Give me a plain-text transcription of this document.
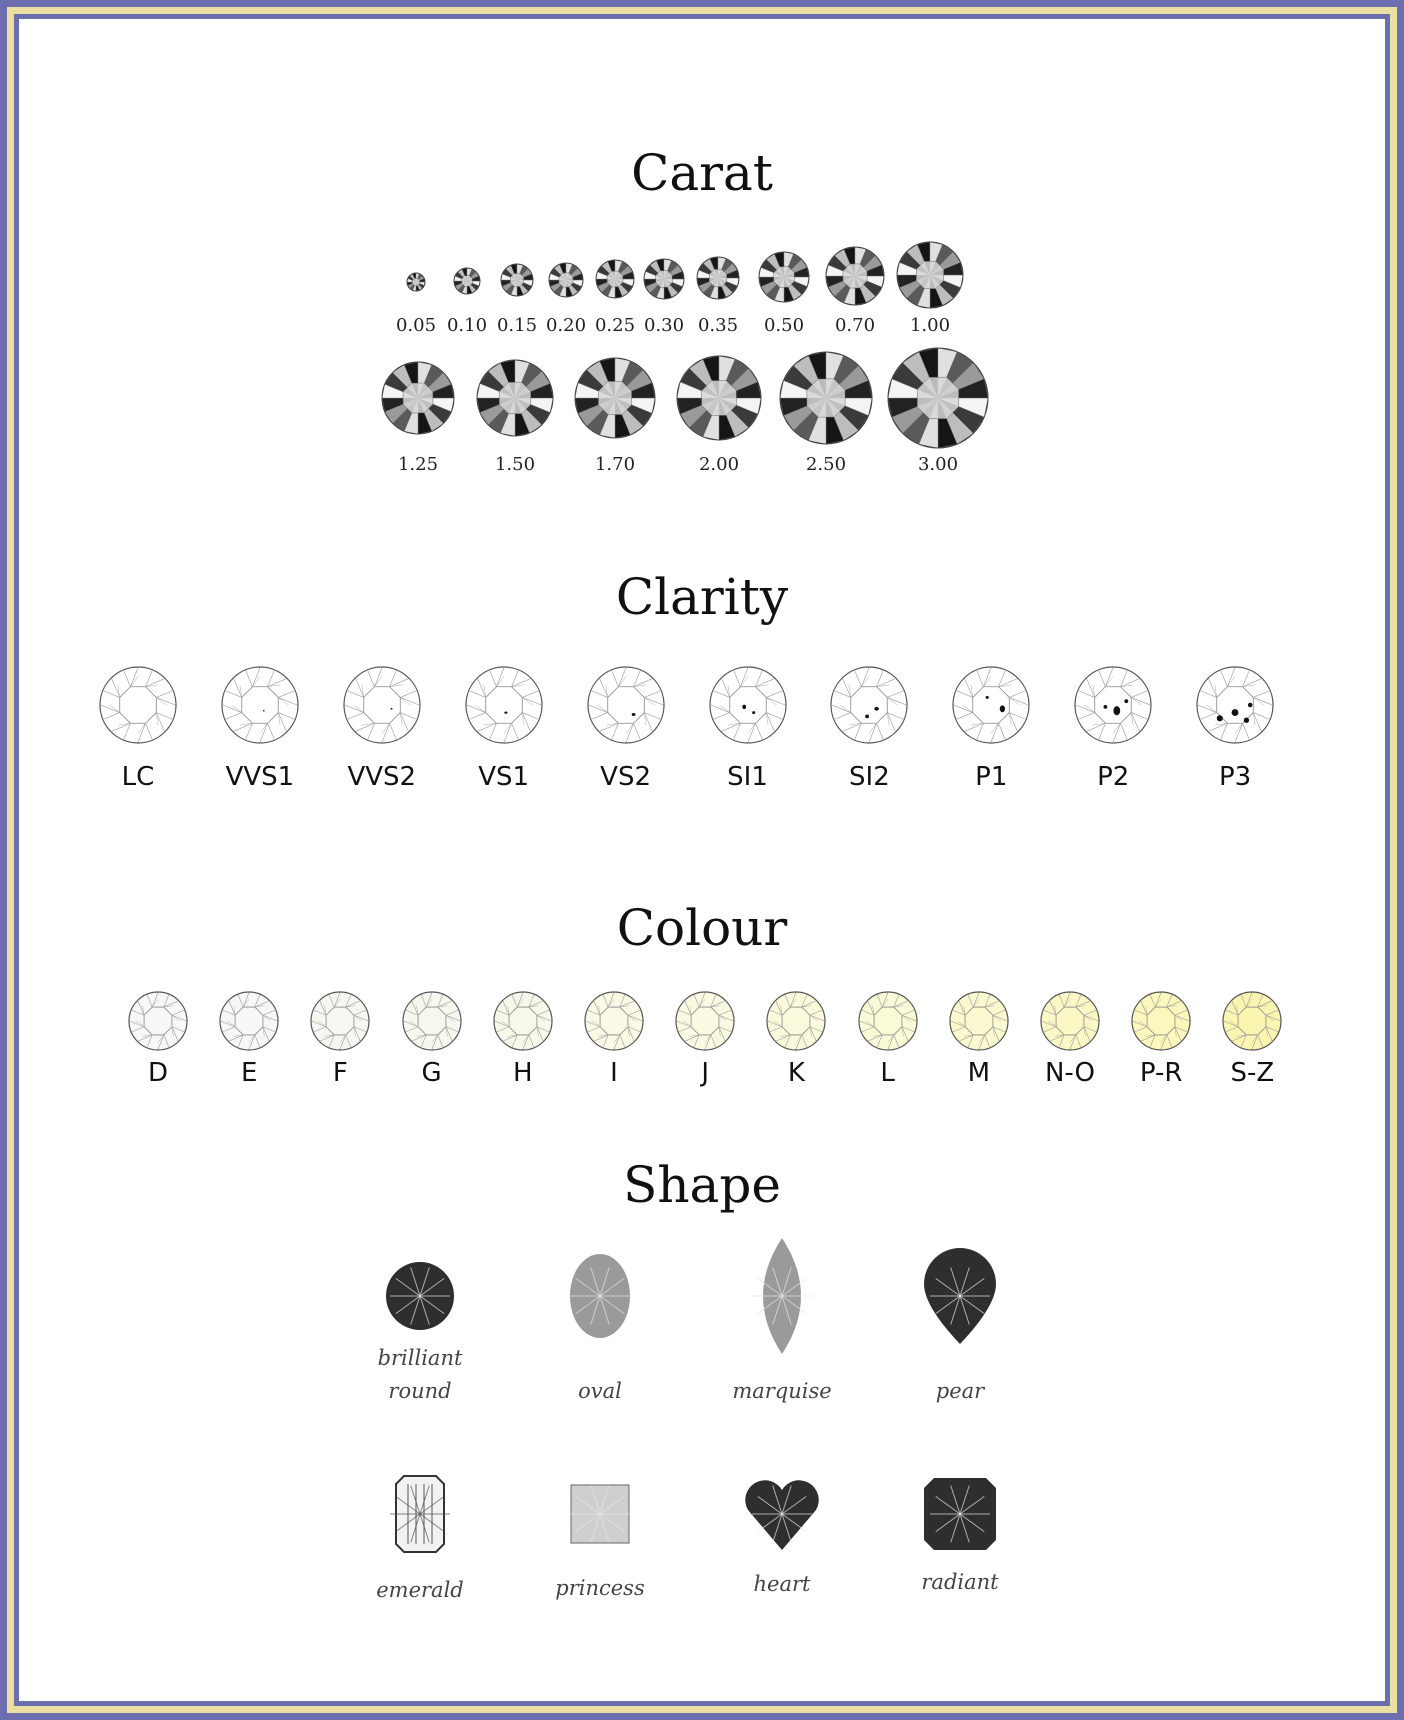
Carat
0.05 0.10 0.15 0.20 0.25 0.30 0.35 0.50 0.70 1.00
1.25	1.50	1.70	2.00	2.50	3.00
Clarity
LC	VVS1 VVS2 VS1	VS2	SI1	SI2	P1	P2	P3
Colour
D	E	F	G	H	I	J	K	L	M N-O P-R S-Z
Shape
brilliant
round	oval	marquise	pear
emerald	princess	heart	radiant
